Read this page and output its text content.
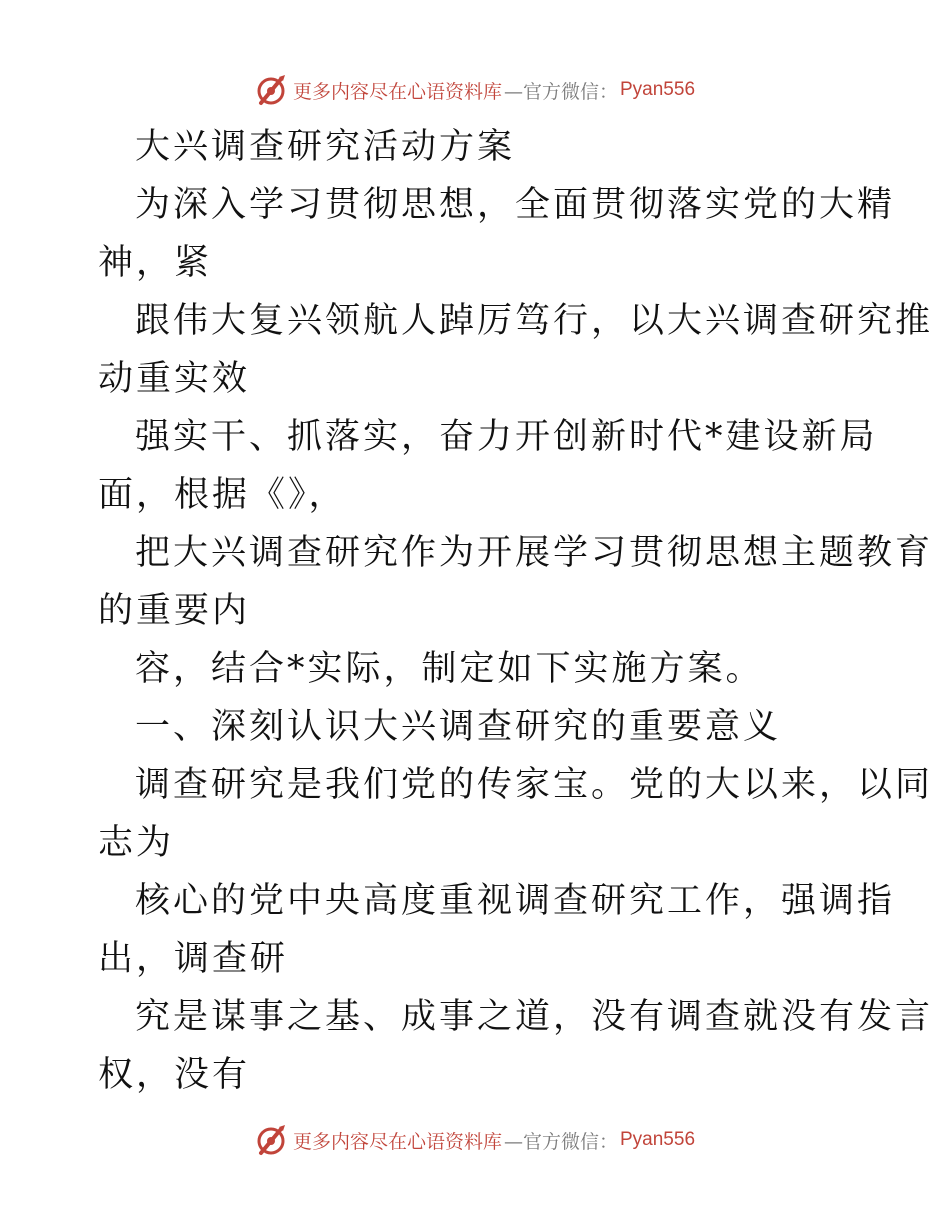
更多内容尽在心语资料库 —官方微信： Pyan556
大兴调查研究活动方案
为深入学习贯彻思想，全面贯彻落实党的大精
神，紧
跟伟大复兴领航人踔厉笃行，以大兴调查研究推
动重实效
强实干、抓落实，奋力开创新时代*建设新局
面，根据《》，
把大兴调查研究作为开展学习贯彻思想主题教育
的重要内
容，结合*实际，制定如下实施方案。
一、深刻认识大兴调查研究的重要意义
调查研究是我们党的传家宝。党的大以来，以同
志为
核心的党中央高度重视调查研究工作，强调指
出，调查研
究是谋事之基、成事之道，没有调查就没有发言
权，没有
更多内容尽在心语资料库 —官方微信： Pyan556
